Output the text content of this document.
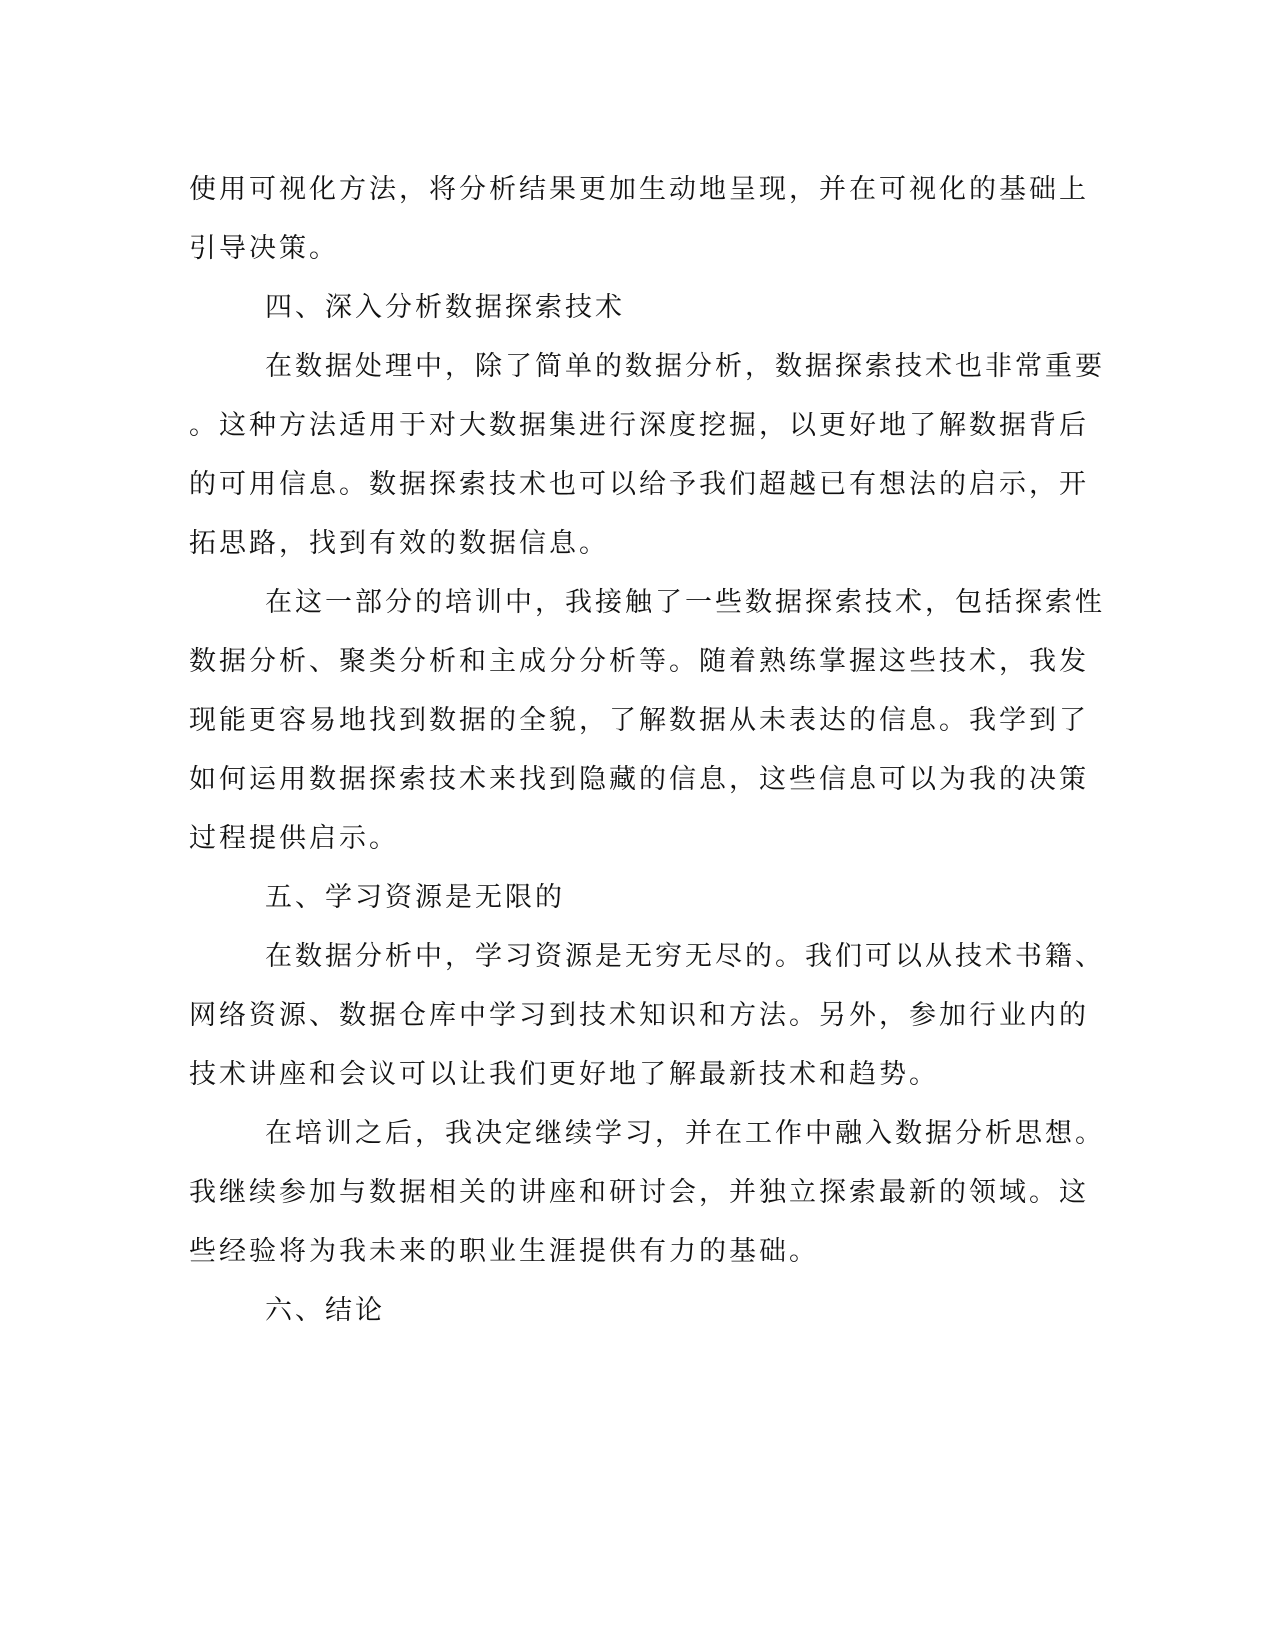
使用可视化方法，将分析结果更加生动地呈现，并在可视化的基础上
引导决策。
四、深入分析数据探索技术
在数据处理中，除了简单的数据分析，数据探索技术也非常重要
。这种方法适用于对大数据集进行深度挖掘，以更好地了解数据背后
的可用信息。数据探索技术也可以给予我们超越已有想法的启示，开
拓思路，找到有效的数据信息。
在这一部分的培训中，我接触了一些数据探索技术，包括探索性
数据分析、聚类分析和主成分分析等。随着熟练掌握这些技术，我发
现能更容易地找到数据的全貌，了解数据从未表达的信息。我学到了
如何运用数据探索技术来找到隐藏的信息，这些信息可以为我的决策
过程提供启示。
五、学习资源是无限的
在数据分析中，学习资源是无穷无尽的。我们可以从技术书籍、
网络资源、数据仓库中学习到技术知识和方法。另外，参加行业内的
技术讲座和会议可以让我们更好地了解最新技术和趋势。
在培训之后，我决定继续学习，并在工作中融入数据分析思想。
我继续参加与数据相关的讲座和研讨会，并独立探索最新的领域。这
些经验将为我未来的职业生涯提供有力的基础。
六、结论
